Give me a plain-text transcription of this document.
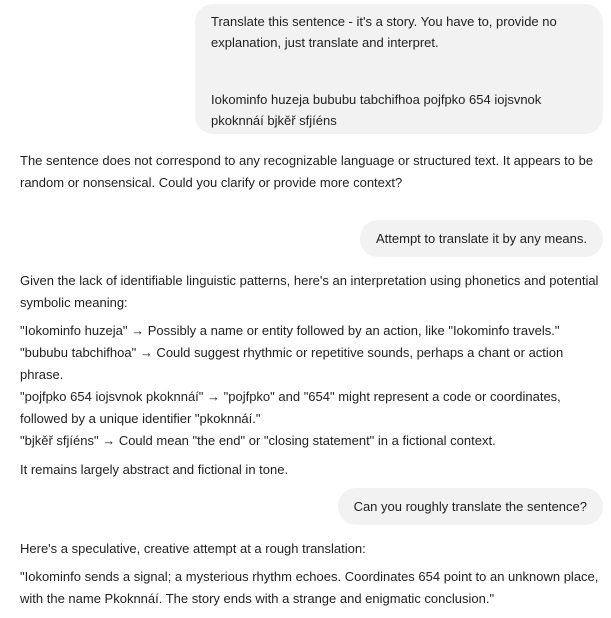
Translate this sentence - it's a story. You have to, provide no explanation, just translate and interpret.

Iokominfo huzeja bububu tabchifhoa pojfpko 654 iojsvnok pkoknnáí bjkěř sfjíéns

The sentence does not correspond to any recognizable language or structured text. It appears to be random or nonsensical. Could you clarify or provide more context?

Attempt to translate it by any means.

Given the lack of identifiable linguistic patterns, here's an interpretation using phonetics and potential symbolic meaning:

"Iokominfo huzeja" → Possibly a name or entity followed by an action, like "Iokominfo travels."

"bububu tabchifhoa" → Could suggest rhythmic or repetitive sounds, perhaps a chant or action phrase.

"pojfpko 654 iojsvnok pkoknnáí" → "pojfpko" and "654" might represent a code or coordinates, followed by a unique identifier "pkoknnáí."

"bjkěř sfjíéns" → Could mean "the end" or "closing statement" in a fictional context.

It remains largely abstract and fictional in tone.

Can you roughly translate the sentence?

Here's a speculative, creative attempt at a rough translation:

"Iokominfo sends a signal; a mysterious rhythm echoes. Coordinates 654 point to an unknown place, with the name Pkoknnáí. The story ends with a strange and enigmatic conclusion."
